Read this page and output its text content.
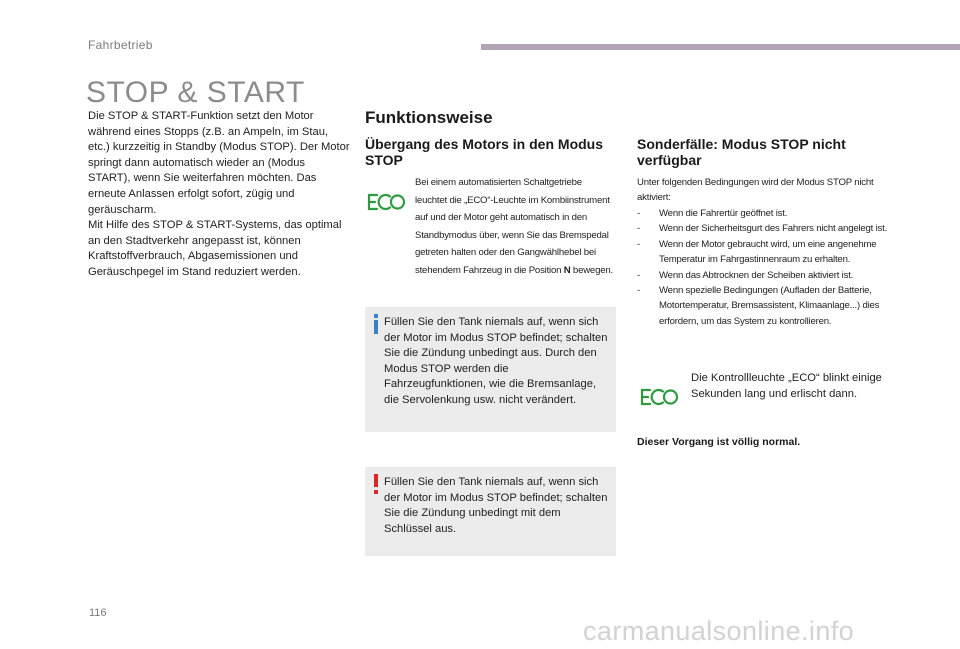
Fahrbetrieb
STOP & START

Die STOP & START-Funktion setzt den Motor während eines Stopps (z.B. an Ampeln, im Stau, etc.) kurzzeitig in Standby (Modus STOP). Der Motor springt dann automatisch wieder an (Modus START), wenn Sie weiterfahren möchten. Das erneute Anlassen erfolgt sofort, zügig und geräuscharm.

Mit Hilfe des STOP & START-Systems, das optimal an den Stadtverkehr angepasst ist, können Kraftstoffverbrauch, Abgasemissionen und Geräuschpegel im Stand reduziert werden.

Funktionsweise
Übergang des Motors in den Modus STOP
Bei einem automatisierten Schaltgetriebe leuchtet die „ECO“-Leuchte im Kombiinstrument auf und der Motor geht automatisch in den Standbymodus über, wenn Sie das Bremspedal getreten halten oder den Gangwählhebel bei stehendem Fahrzeug in die Position N bewegen.
Füllen Sie den Tank niemals auf, wenn sich der Motor im Modus STOP befindet; schalten Sie die Zündung unbedingt aus. Durch den Modus STOP werden die Fahrzeugfunktionen, wie die Bremsanlage, die Servolenkung usw. nicht verändert.
Füllen Sie den Tank niemals auf, wenn sich der Motor im Modus STOP befindet; schalten Sie die Zündung unbedingt mit dem Schlüssel aus.
Sonderfälle: Modus STOP nicht verfügbar
Unter folgenden Bedingungen wird der Modus STOP nicht aktiviert:
- Wenn die Fahrertür geöffnet ist.
- Wenn der Sicherheitsgurt des Fahrers nicht angelegt ist.
- Wenn der Motor gebraucht wird, um eine angenehme Temperatur im Fahrgastinnenraum zu erhalten.
- Wenn das Abtrocknen der Scheiben aktiviert ist.
- Wenn spezielle Bedingungen (Aufladen der Batterie, Motortemperatur, Bremsassistent, Klimaanlage...) dies erfordern, um das System zu kontrollieren.
Die Kontrollleuchte „ECO“ blinkt einige Sekunden lang und erlischt dann.
Dieser Vorgang ist völlig normal.
116
carmanualsonline.info
